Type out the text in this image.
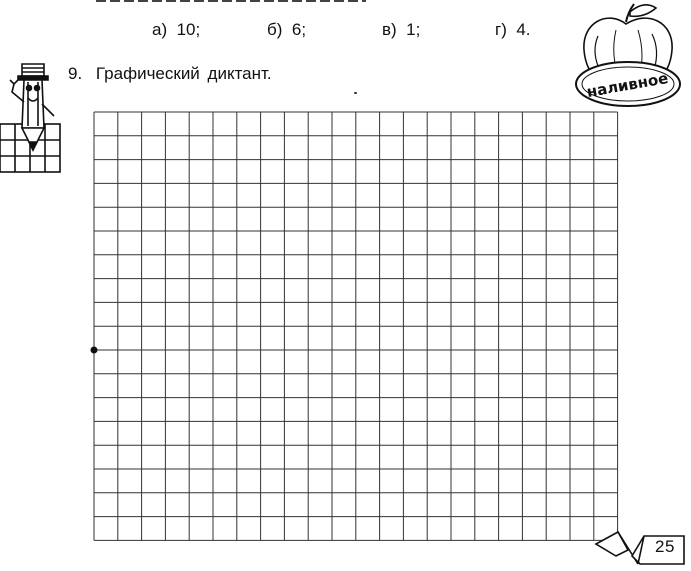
а) 10;	б) 6;	в) 1;	г) 4.
9. Графический диктант.	наливное
25
